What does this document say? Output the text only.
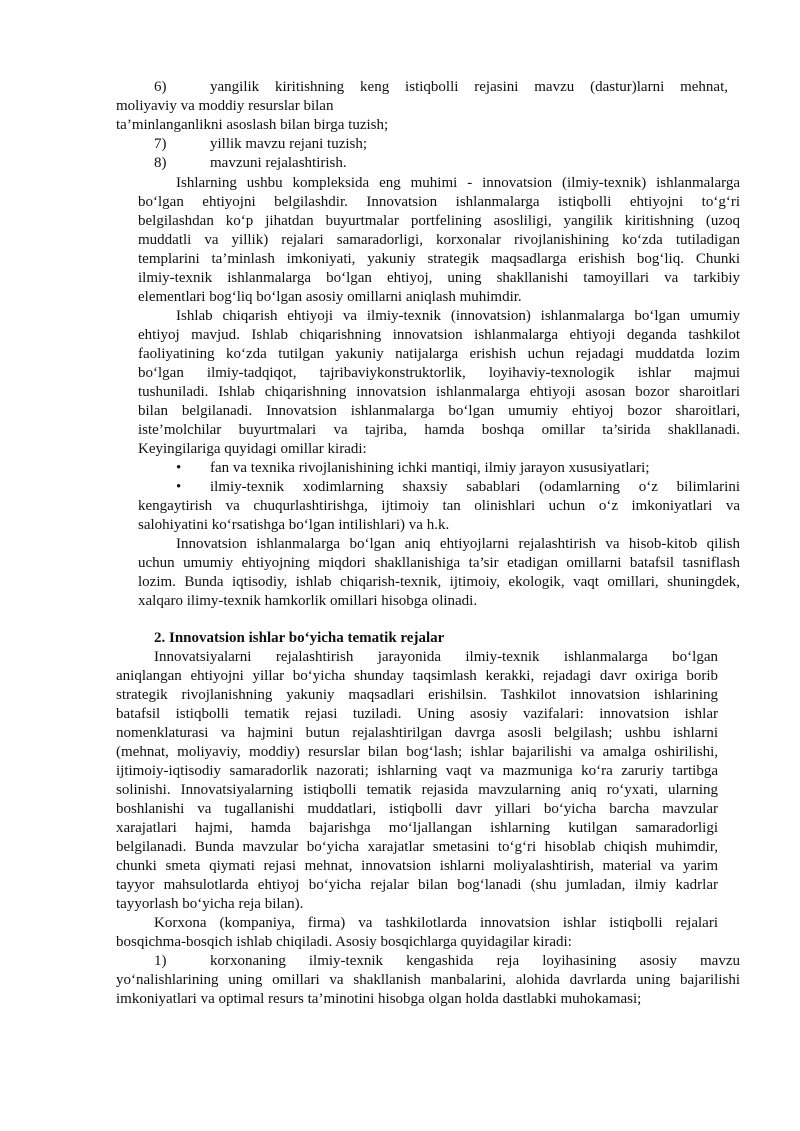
6)	yangilik kiritishning keng istiqbolli rejasini mavzu (dastur)larni mehnat,
moliyaviy va moddiy resurslar bilan
ta’minlanganlikni asoslash bilan birga tuzish;
7)	yillik mavzu rejani tuzish;
8)	mavzuni rejalashtirish.
Ishlarning ushbu kompleksida eng muhimi - innovatsion (ilmiy-texnik) ishlanmalarga
bo‘lgan ehtiyojni belgilashdir. Innovatsion ishlanmalarga istiqbolli ehtiyojni to‘g‘ri
belgilashdan ko‘p jihatdan buyurtmalar portfelining asosliligi, yangilik kiritishning (uzoq
muddatli va yillik) rejalari samaradorligi, korxonalar rivojlanishining ko‘zda tutiladigan
templarini ta’minlash imkoniyati, yakuniy strategik maqsadlarga erishish bog‘liq. Chunki
ilmiy-texnik ishlanmalarga bo‘lgan ehtiyoj, uning shakllanishi tamoyillari va tarkibiy
elementlari bog‘liq bo‘lgan asosiy omillarni aniqlash muhimdir.
Ishlab chiqarish ehtiyoji va ilmiy-texnik (innovatsion) ishlanmalarga bo‘lgan umumiy
ehtiyoj mavjud. Ishlab chiqarishning innovatsion ishlanmalarga ehtiyoji deganda tashkilot
faoliyatining ko‘zda tutilgan yakuniy natijalarga erishish uchun rejadagi muddatda lozim
bo‘lgan ilmiy-tadqiqot, tajribaviykonstruktorlik, loyihaviy-texnologik ishlar majmui
tushuniladi. Ishlab chiqarishning innovatsion ishlanmalarga ehtiyoji asosan bozor sharoitlari
bilan belgilanadi. Innovatsion ishlanmalarga bo‘lgan umumiy ehtiyoj bozor sharoitlari,
iste’molchilar buyurtmalari va tajriba, hamda boshqa omillar ta’sirida shakllanadi.
Keyingilariga quyidagi omillar kiradi:
• fan va texnika rivojlanishining ichki mantiqi, ilmiy jarayon xususiyatlari;
• ilmiy-texnik xodimlarning shaxsiy sabablari (odamlarning o‘z bilimlarini
kengaytirish va chuqurlashtirishga, ijtimoiy tan olinishlari uchun o‘z imkoniyatlari va
salohiyatini ko‘rsatishga bo‘lgan intilishlari) va h.k.
Innovatsion ishlanmalarga bo‘lgan aniq ehtiyojlarni rejalashtirish va hisob-kitob qilish
uchun umumiy ehtiyojning miqdori shakllanishiga ta’sir etadigan omillarni batafsil tasniflash
lozim. Bunda iqtisodiy, ishlab chiqarish-texnik, ijtimoiy, ekologik, vaqt omillari, shuningdek,
xalqaro ilimy-texnik hamkorlik omillari hisobga olinadi.
2. Innovatsion ishlar bo‘yicha tematik rejalar
Innovatsiyalarni rejalashtirish jarayonida ilmiy-texnik ishlanmalarga bo‘lgan
aniqlangan ehtiyojni yillar bo‘yicha shunday taqsimlash kerakki, rejadagi davr oxiriga borib
strategik rivojlanishning yakuniy maqsadlari erishilsin. Tashkilot innovatsion ishlarining
batafsil istiqbolli tematik rejasi tuziladi. Uning asosiy vazifalari: innovatsion ishlar
nomenklaturasi va hajmini butun rejalashtirilgan davrga asosli belgilash; ushbu ishlarni
(mehnat, moliyaviy, moddiy) resurslar bilan bog‘lash; ishlar bajarilishi va amalga oshirilishi,
ijtimoiy-iqtisodiy samaradorlik nazorati; ishlarning vaqt va mazmuniga ko‘ra zaruriy tartibga
solinishi. Innovatsiyalarning istiqbolli tematik rejasida mavzularning aniq ro‘yxati, ularning
boshlanishi va tugallanishi muddatlari, istiqbolli davr yillari bo‘yicha barcha mavzular
xarajatlari hajmi, hamda bajarishga mo‘ljallangan ishlarning kutilgan samaradorligi
belgilanadi. Bunda mavzular bo‘yicha xarajatlar smetasini to‘g‘ri hisoblab chiqish muhimdir,
chunki smeta qiymati rejasi mehnat, innovatsion ishlarni moliyalashtirish, material va yarim
tayyor mahsulotlarda ehtiyoj bo‘yicha rejalar bilan bog‘lanadi (shu jumladan, ilmiy kadrlar
tayyorlash bo‘yicha reja bilan).
Korxona (kompaniya, firma) va tashkilotlarda innovatsion ishlar istiqbolli rejalari
bosqichma-bosqich ishlab chiqiladi. Asosiy bosqichlarga quyidagilar kiradi:
1)	korxonaning ilmiy-texnik kengashida reja loyihasining asosiy mavzu
yo‘nalishlarining uning omillari va shakllanish manbalarini, alohida davrlarda uning bajarilishi
imkoniyatlari va optimal resurs ta’minotini hisobga olgan holda dastlabki muhokamasi;
